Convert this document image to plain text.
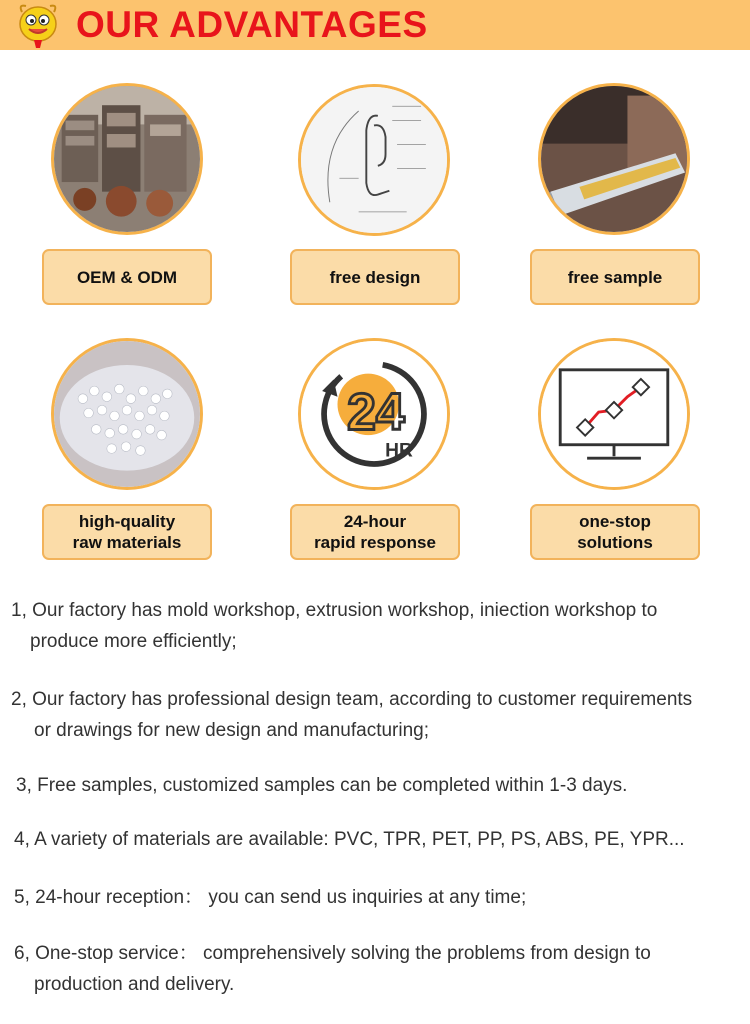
OUR ADVANTAGES
OEM & ODM	free design	free sample
24
HR
high-quality
raw materials
24-hour
rapid response
one-stop
solutions
1, Our factory has mold workshop, extrusion workshop, iniection workshop to
produce more efficiently;
2, Our factory has professional design team, according to customer requirements
or drawings for new design and manufacturing;
3, Free samples, customized samples can be completed within 1-3 days.
4, A variety of materials are available: PVC, TPR, PET, PP, PS, ABS, PE, YPR...
5, 24-hour reception： you can send us inquiries at any time;
6, One-stop service： comprehensively solving the problems from design to
production and delivery.
